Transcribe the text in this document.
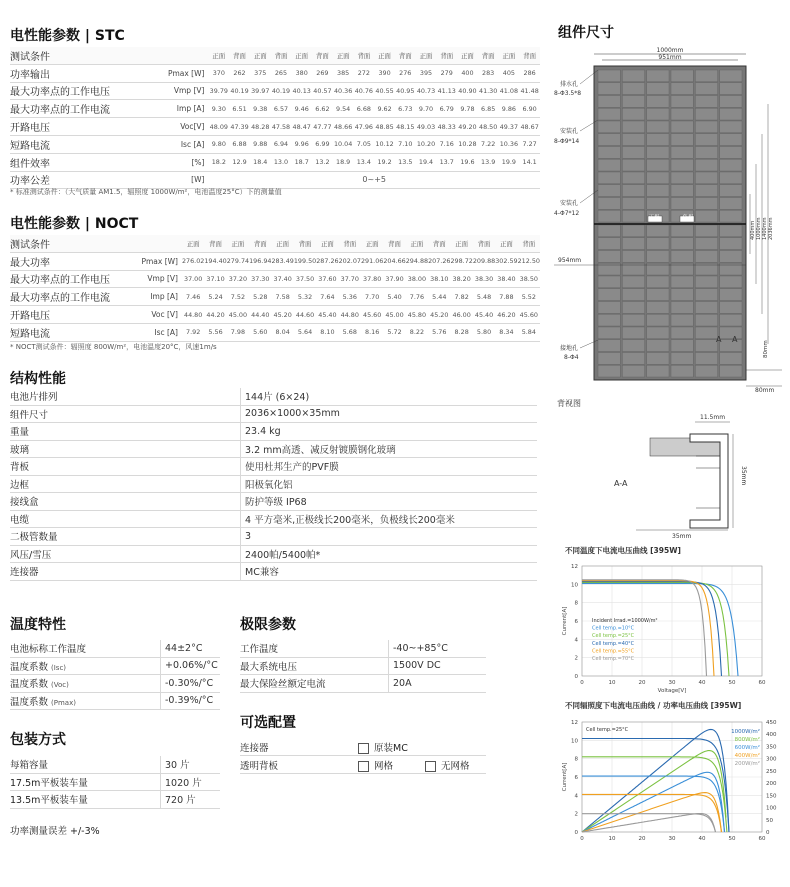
电性能参数 | STC
测试条件		正面	背面	正面	背面	正面	背面	正面	背面	正面	背面	正面	背面	正面	背面	正面	背面
功率输出	Pmax [W]	370	262	375	265	380	269	385	272	390	276	395	279	400	283	405	286
最大功率点的工作电压	Vmp [V]	39.79	40.19	39.97	40.19	40.13	40.57	40.36	40.76	40.55	40.95	40.73	41.13	40.90	41.30	41.08	41.48
最大功率点的工作电流	Imp [A]	9.30	6.51	9.38	6.57	9.46	6.62	9.54	6.68	9.62	6.73	9.70	6.79	9.78	6.85	9.86	6.90
开路电压	Voc[V]	48.09	47.39	48.28	47.58	48.47	47.77	48.66	47.96	48.85	48.15	49.03	48.33	49.20	48.50	49.37	48.67
短路电流	Isc [A]	9.80	6.88	9.88	6.94	9.96	6.99	10.04	7.05	10.12	7.10	10.20	7.16	10.28	7.22	10.36	7.27
组件效率	[%]	18.2	12.9	18.4	13.0	18.7	13.2	18.9	13.4	19.2	13.5	19.4	13.7	19.6	13.9	19.9	14.1
功率公差	[W]	0~+5															
* 标准测试条件：（大气质量 AM1.5，辐照度 1000W/m²，电池温度25°C）下的测量值
电性能参数 | NOCT
测试条件		正面	背面	正面	背面	正面	背面	正面	背面	正面	背面	正面	背面	正面	背面	正面	背面
最大功率	Pmax [W]	276.02	194.40	279.74	196.94	283.49	199.50	287.26	202.07	291.06	204.66	294.88	207.26	298.72	209.88	302.59	212.50
最大功率点的工作电压	Vmp [V]	37.00	37.10	37.20	37.30	37.40	37.50	37.60	37.70	37.80	37.90	38.00	38.10	38.20	38.30	38.40	38.50
最大功率点的工作电流	Imp [A]	7.46	5.24	7.52	5.28	7.58	5.32	7.64	5.36	7.70	5.40	7.76	5.44	7.82	5.48	7.88	5.52
开路电压	Voc [V]	44.80	44.20	45.00	44.40	45.20	44.60	45.40	44.80	45.60	45.00	45.80	45.20	46.00	45.40	46.20	45.60
短路电流	Isc [A]	7.92	5.56	7.98	5.60	8.04	5.64	8.10	5.68	8.16	5.72	8.22	5.76	8.28	5.80	8.34	5.84
* NOCT测试条件：辐照度 800W/m²，电池温度20°C，风速1m/s
结构性能
电池片排列	144片 (6×24)
组件尺寸	2036×1000×35mm
重量	23.4 kg
玻璃	3.2 mm高透、减反射镀膜钢化玻璃
背板	使用杜邦生产的PVF膜
边框	阳极氧化铝
接线盒	防护等级 IP68
电缆	4 平方毫米,正极线长200毫米，负极线长200毫米
二极管数量	3
风压/雪压	2400帕/5400帕*
连接器	MC兼容
温度特性
电池标称工作温度	44±2°C
温度系数 (Isc)	+0.06%/°C
温度系数 (Voc)	-0.30%/°C
温度系数 (Pmax)	-0.39%/°C
极限参数
工作温度	-40~+85°C
最大系统电压	1500V DC
最大保险丝额定电流	20A
包装方式
每箱容量	30 片
17.5m平板装车量	1020 片
13.5m平板装车量	720 片
可选配置
连接器	原装MC
透明背板	网格	无网格
功率测量误差 +/-3%
组件尺寸
1000mm
951mm
排水孔
8-Φ3.5*8
安装孔
8-Φ9*14
安装孔
4-Φ7*12
954mm
接地孔
8-Φ4
正极	负极
400mm 1000mm 1400mm 2036mm
A
A
80mm
80mm
背视图
11.5mm
A-A	35mm
35mm
不同温度下电流电压曲线 [395W]
0
2
4
6
8
10
12
0	10	20	30	40	50	60
Current[A]
Voltage[V]
Incident Irrad.=1000W/m²
Cell temp.=10°C
Cell temp.=25°C
Cell temp.=40°C
Cell temp.=55°C
Cell temp.=70°C
不同辐照度下电流电压曲线 / 功率电压曲线 [395W]
0
2
4
6
8
10
12
0	10	20	30	40	50	60
Current[A]
0
50
100
150
200
250
300
350
400
450
Cell temp.=25°C	1000W/m²
800W/m²
600W/m²
400W/m²
200W/m²
